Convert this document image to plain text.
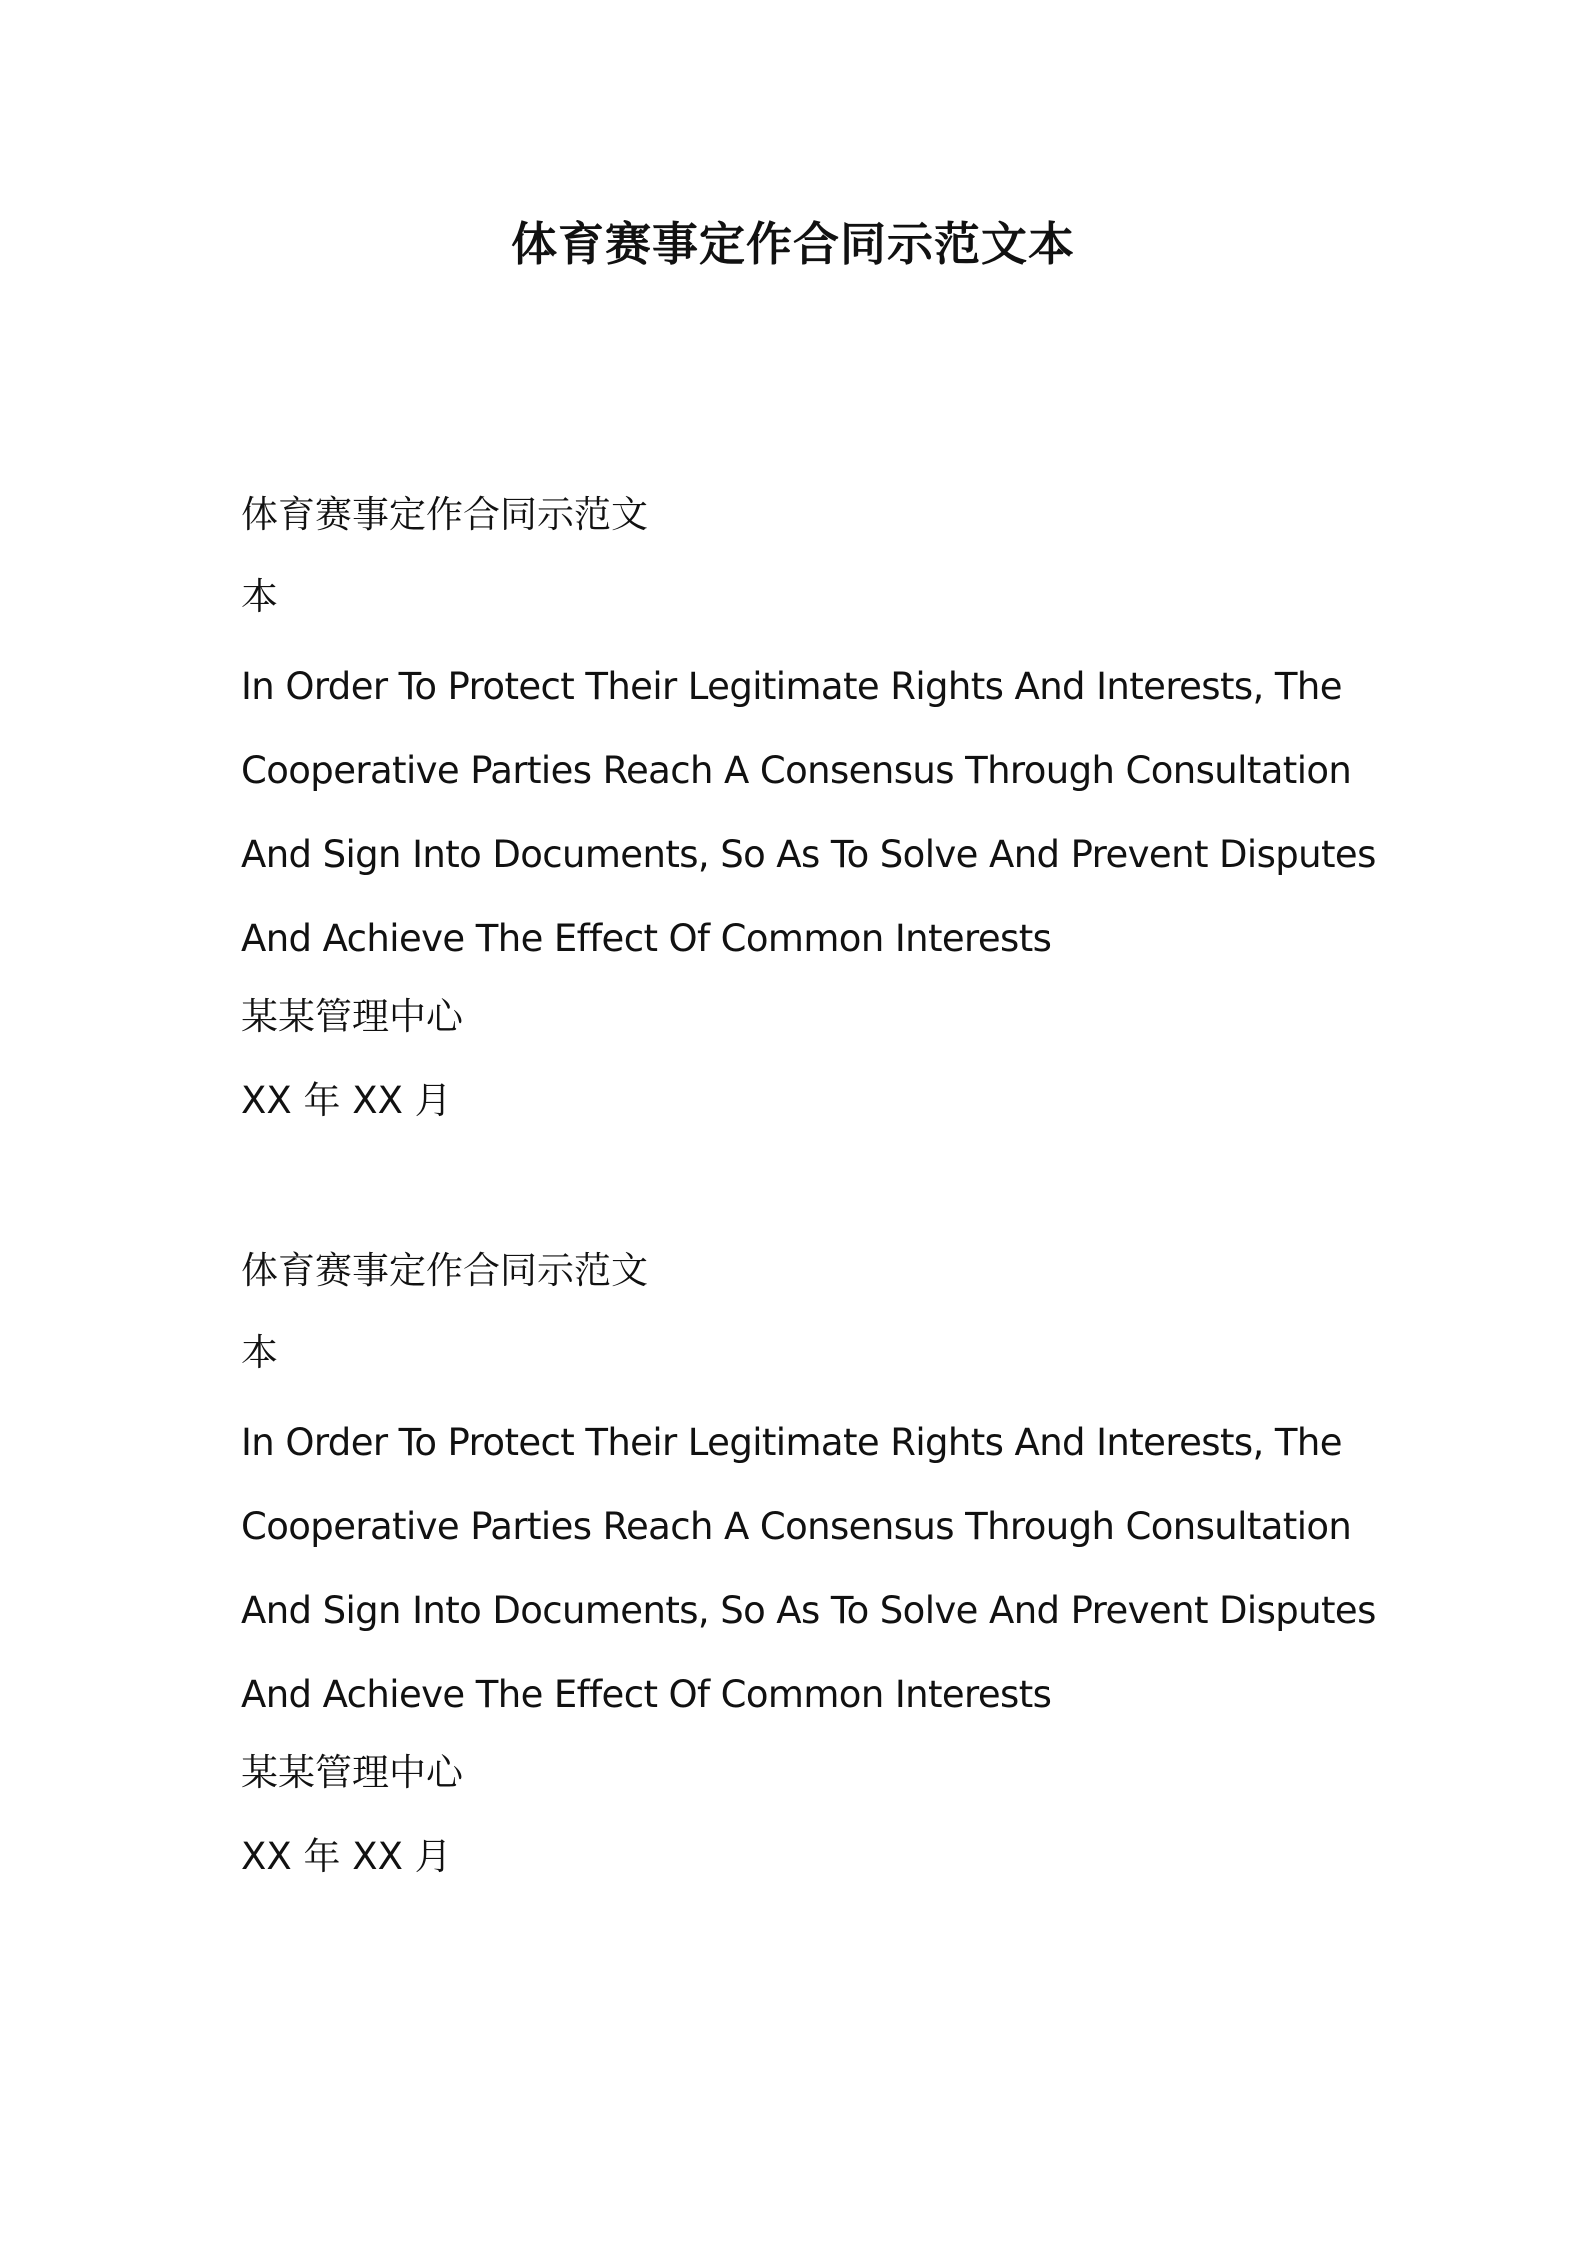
体育赛事定作合同示范文本
体育赛事定作合同示范文
本
In Order To Protect Their Legitimate Rights And Interests, The
Cooperative Parties Reach A Consensus Through Consultation
And Sign Into Documents, So As To Solve And Prevent Disputes
And Achieve The Effect Of Common Interests
某某管理中心
XX 年 XX 月
体育赛事定作合同示范文
本
In Order To Protect Their Legitimate Rights And Interests, The
Cooperative Parties Reach A Consensus Through Consultation
And Sign Into Documents, So As To Solve And Prevent Disputes
And Achieve The Effect Of Common Interests
某某管理中心
XX 年 XX 月
